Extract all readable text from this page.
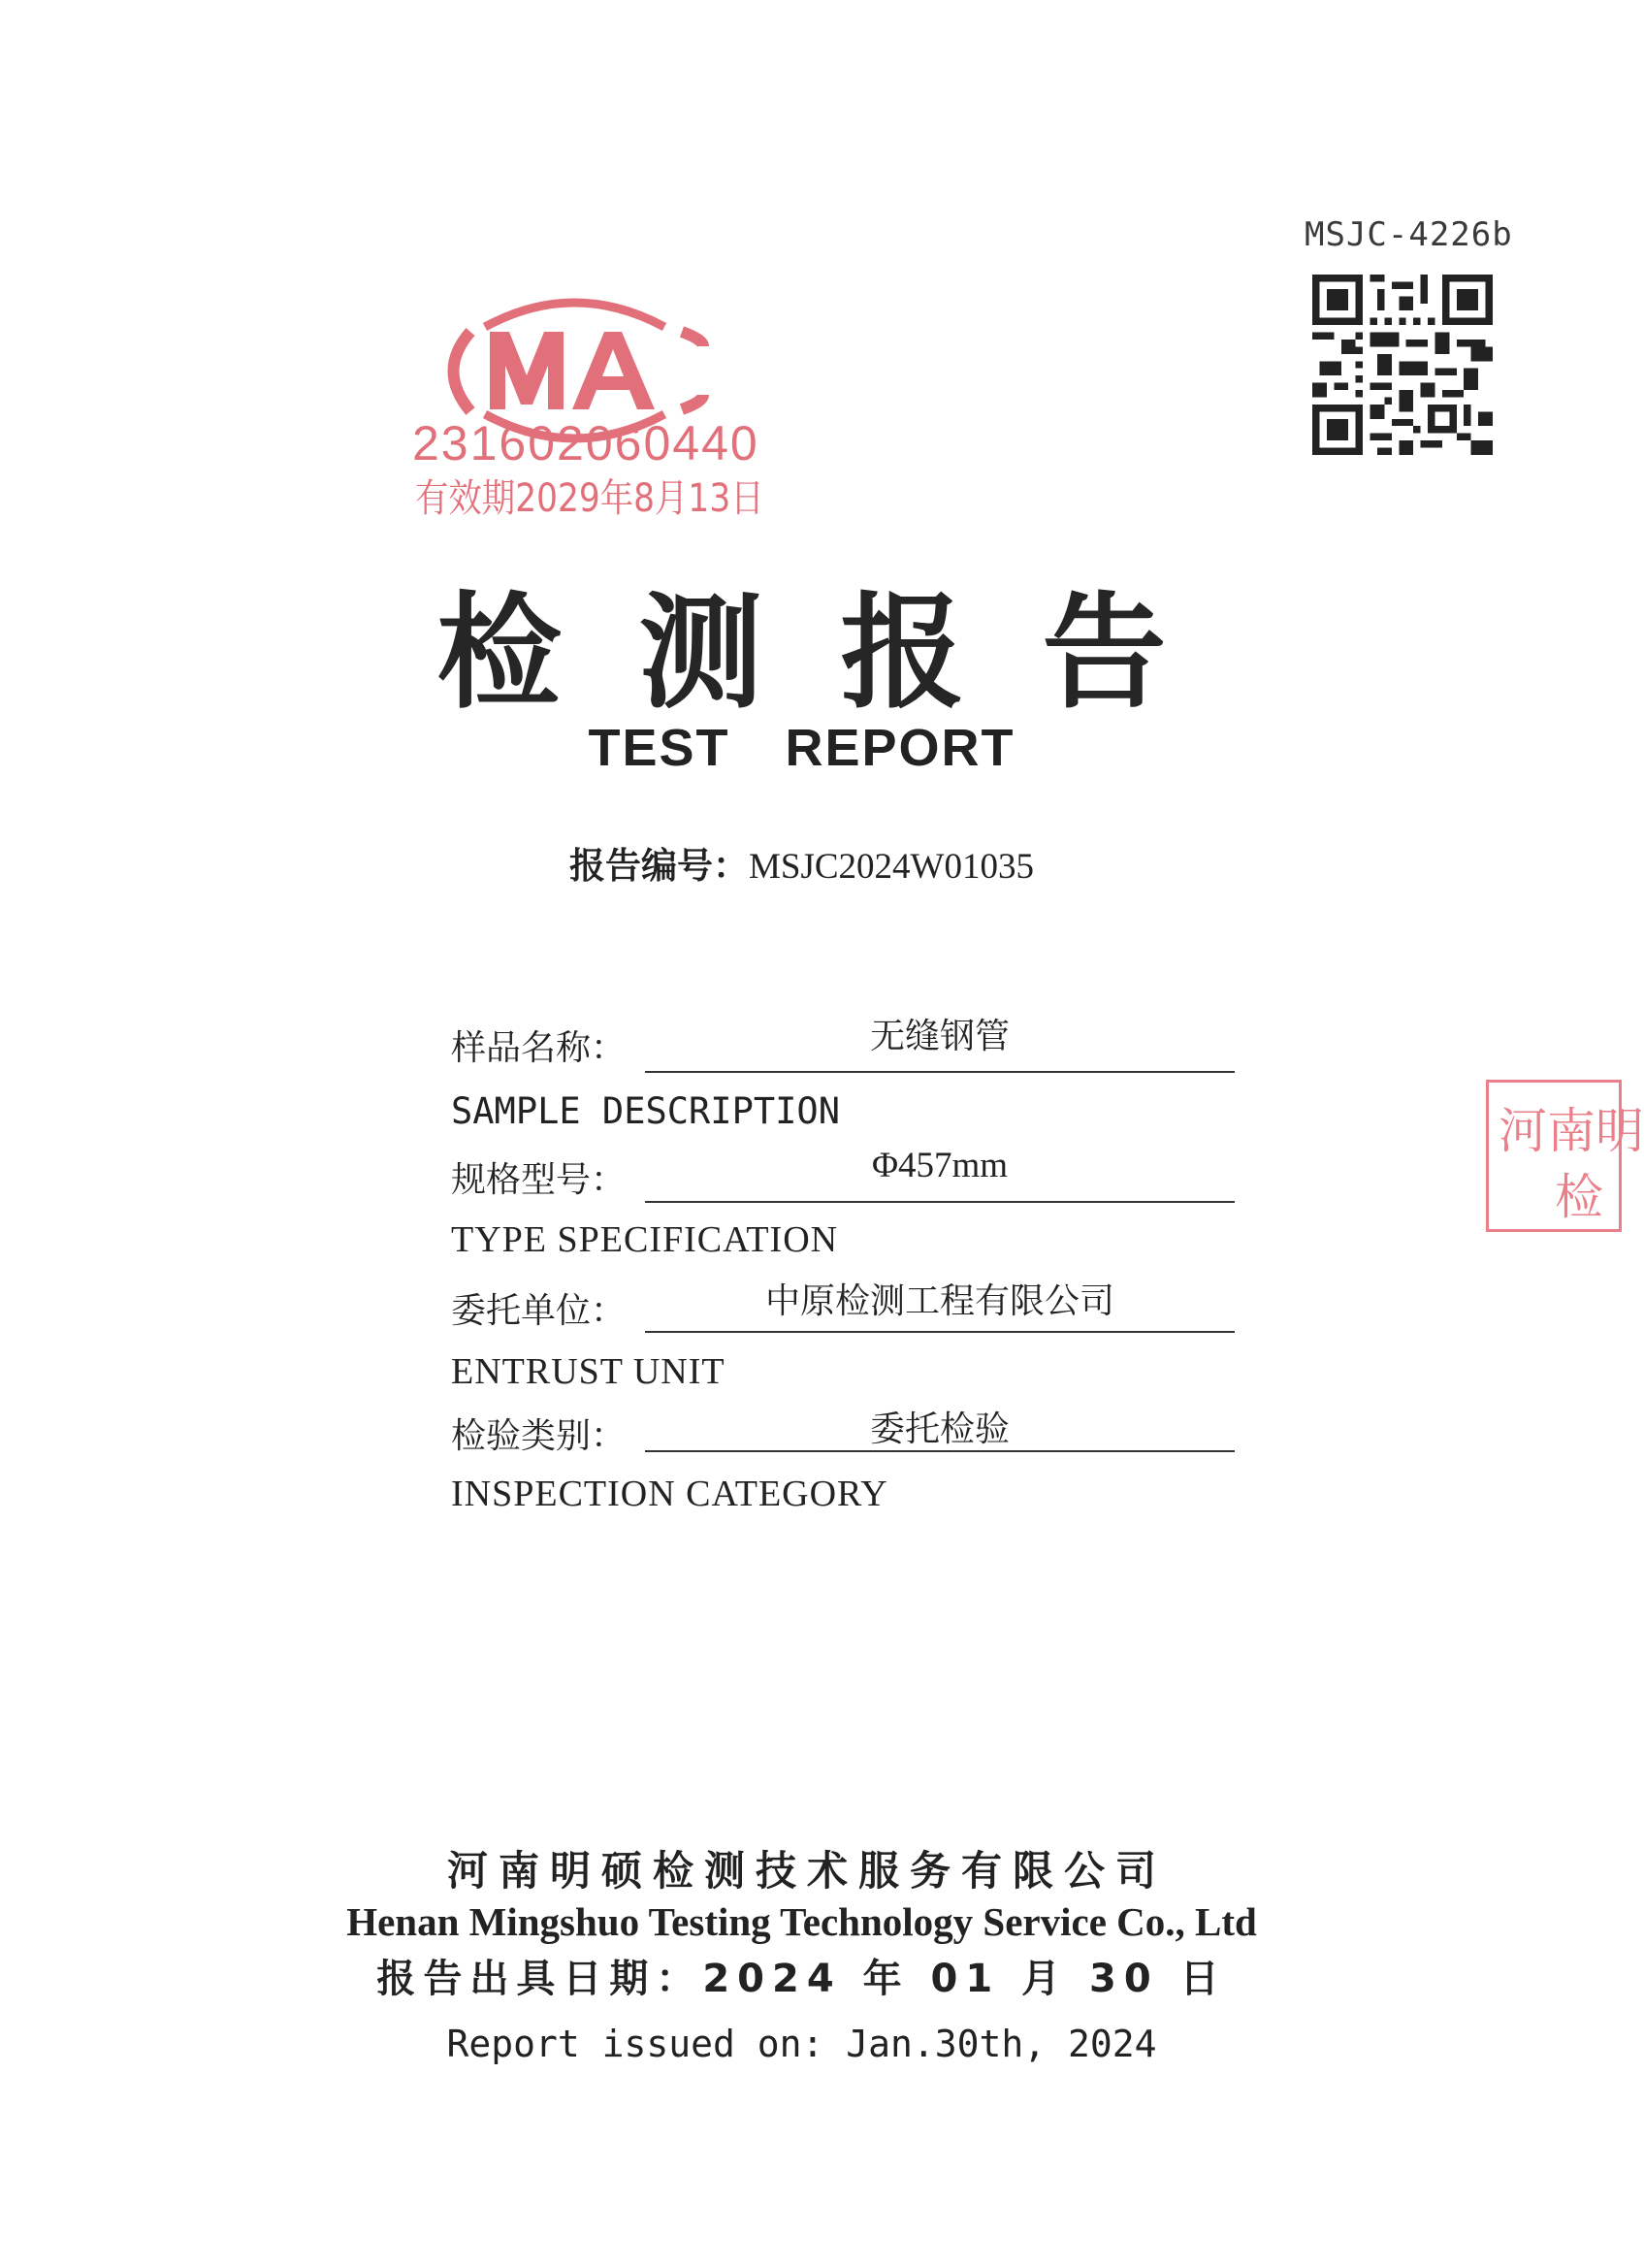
MSJC-4226b
231602060440
有效期2029年8月13日
检测报告
TEST REPORT
报告编号：MSJC2024W01035
样品名称：	无缝钢管
SAMPLE DESCRIPTION
规格型号：	Φ457mm
TYPE SPECIFICATION
委托单位：	中原检测工程有限公司
ENTRUST UNIT
检验类别：	委托检验
INSPECTION CATEGORY
河南明
检
河南明硕检测技术服务有限公司
Henan Mingshuo Testing Technology Service Co., Ltd
报告出具日期：2024 年 01 月 30 日
Report issued on: Jan.30th, 2024
